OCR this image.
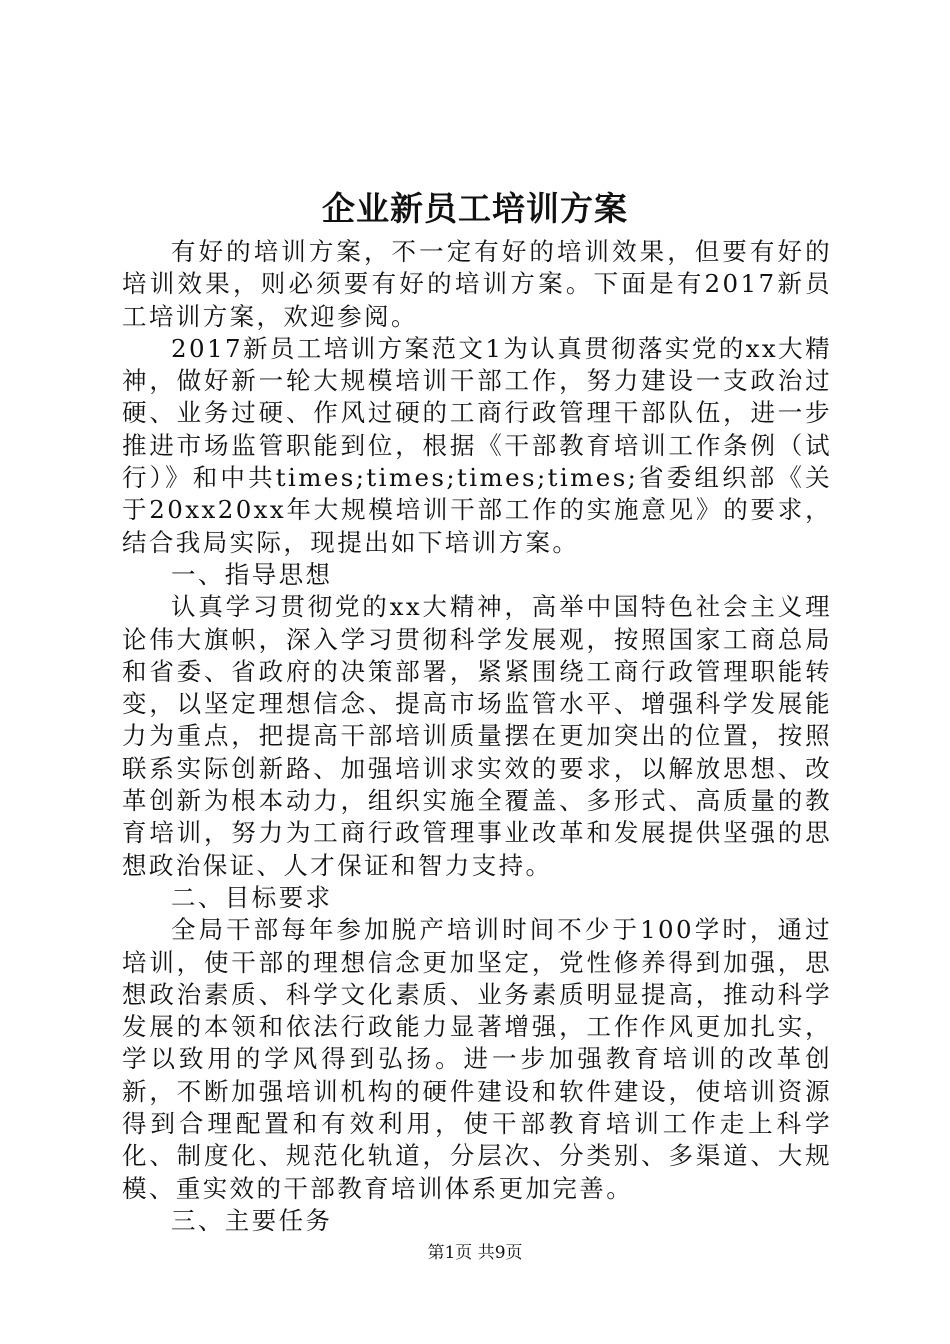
企业新员工培训方案

有好的培训方案，不一定有好的培训效果，但要有好的培训效果，则必须要有好的培训方案。下面是有2017新员工培训方案，欢迎参阅。

2017新员工培训方案范文1为认真贯彻落实党的xx大精神，做好新一轮大规模培训干部工作，努力建设一支政治过硬、业务过硬、作风过硬的工商行政管理干部队伍，进一步推进市场监管职能到位，根据《干部教育培训工作条例（试行）》和中共times;times;times;times;省委组织部《关于20xx20xx年大规模培训干部工作的实施意见》的要求，结合我局实际，现提出如下培训方案。

一、指导思想

认真学习贯彻党的xx大精神，高举中国特色社会主义理论伟大旗帜，深入学习贯彻科学发展观，按照国家工商总局和省委、省政府的决策部署，紧紧围绕工商行政管理职能转变，以坚定理想信念、提高市场监管水平、增强科学发展能力为重点，把提高干部培训质量摆在更加突出的位置，按照联系实际创新路、加强培训求实效的要求，以解放思想、改革创新为根本动力，组织实施全覆盖、多形式、高质量的教育培训，努力为工商行政管理事业改革和发展提供坚强的思想政治保证、人才保证和智力支持。

二、目标要求

全局干部每年参加脱产培训时间不少于100学时，通过培训，使干部的理想信念更加坚定，党性修养得到加强，思想政治素质、科学文化素质、业务素质明显提高，推动科学发展的本领和依法行政能力显著增强，工作作风更加扎实，学以致用的学风得到弘扬。进一步加强教育培训的改革创新，不断加强培训机构的硬件建设和软件建设，使培训资源得到合理配置和有效利用，使干部教育培训工作走上科学化、制度化、规范化轨道，分层次、分类别、多渠道、大规模、重实效的干部教育培训体系更加完善。

三、主要任务

第1页 共9页
